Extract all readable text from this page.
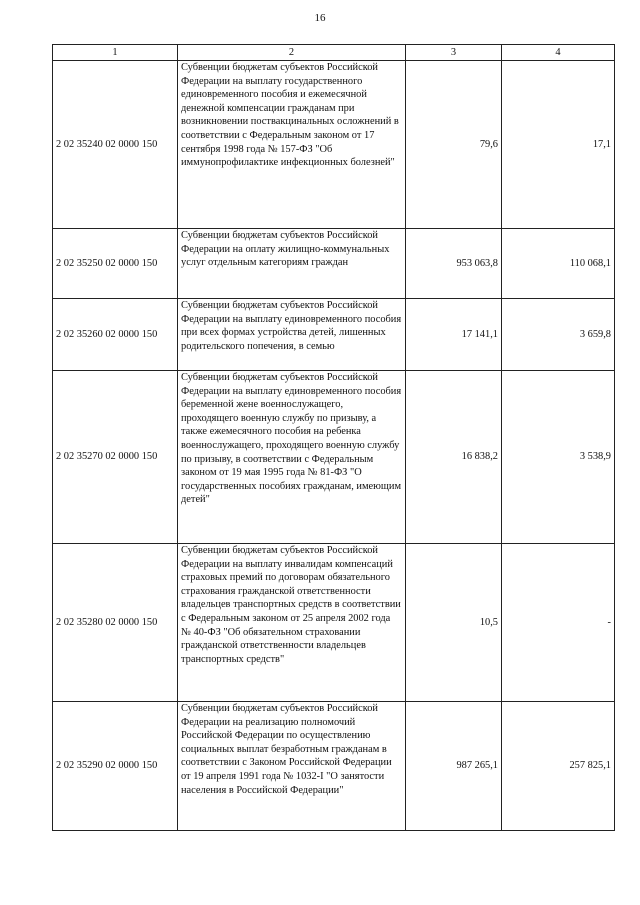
16
1	2	3	4
2 02 35240 02 0000 150	Субвенции бюджетам субъектов Российской Федерации на выплату государственного единовременного пособия и ежемесячной денежной компенсации гражданам при возникновении поствакцинальных осложнений в соответствии с Федеральным законом от 17 сентября 1998 года № 157-ФЗ "Об иммунопрофилактике инфекционных болезней"	79,6	17,1
2 02 35250 02 0000 150	Субвенции бюджетам субъектов Российской Федерации на оплату жилищно-коммунальных услуг отдельным категориям граждан	953 063,8	110 068,1
2 02 35260 02 0000 150	Субвенции бюджетам субъектов Российской Федерации на выплату единовременного пособия при всех формах устройства детей, лишенных родительского попечения, в семью	17 141,1	3 659,8
2 02 35270 02 0000 150	Субвенции бюджетам субъектов Российской Федерации на выплату единовременного пособия беременной жене военнослужащего, проходящего военную службу по призыву, а также ежемесячного пособия на ребенка военнослужащего, проходящего военную службу по призыву, в соответствии с Федеральным законом от 19 мая 1995 года № 81-ФЗ "О государственных пособиях гражданам, имеющим детей"	16 838,2	3 538,9
2 02 35280 02 0000 150	Субвенции бюджетам субъектов Российской Федерации на выплату инвалидам компенсаций страховых премий по договорам обязательного страхования гражданской ответственности владельцев транспортных средств в соответствии с Федеральным законом от 25 апреля 2002 года № 40-ФЗ "Об обязательном страховании гражданской ответственности владельцев транспортных средств"	10,5	-
2 02 35290 02 0000 150	Субвенции бюджетам субъектов Российской Федерации на реализацию полномочий Российской Федерации по осуществлению социальных выплат безработным гражданам в соответствии с Законом Российской Федерации от 19 апреля 1991 года № 1032-I "О занятости населения в Российской Федерации"	987 265,1	257 825,1
